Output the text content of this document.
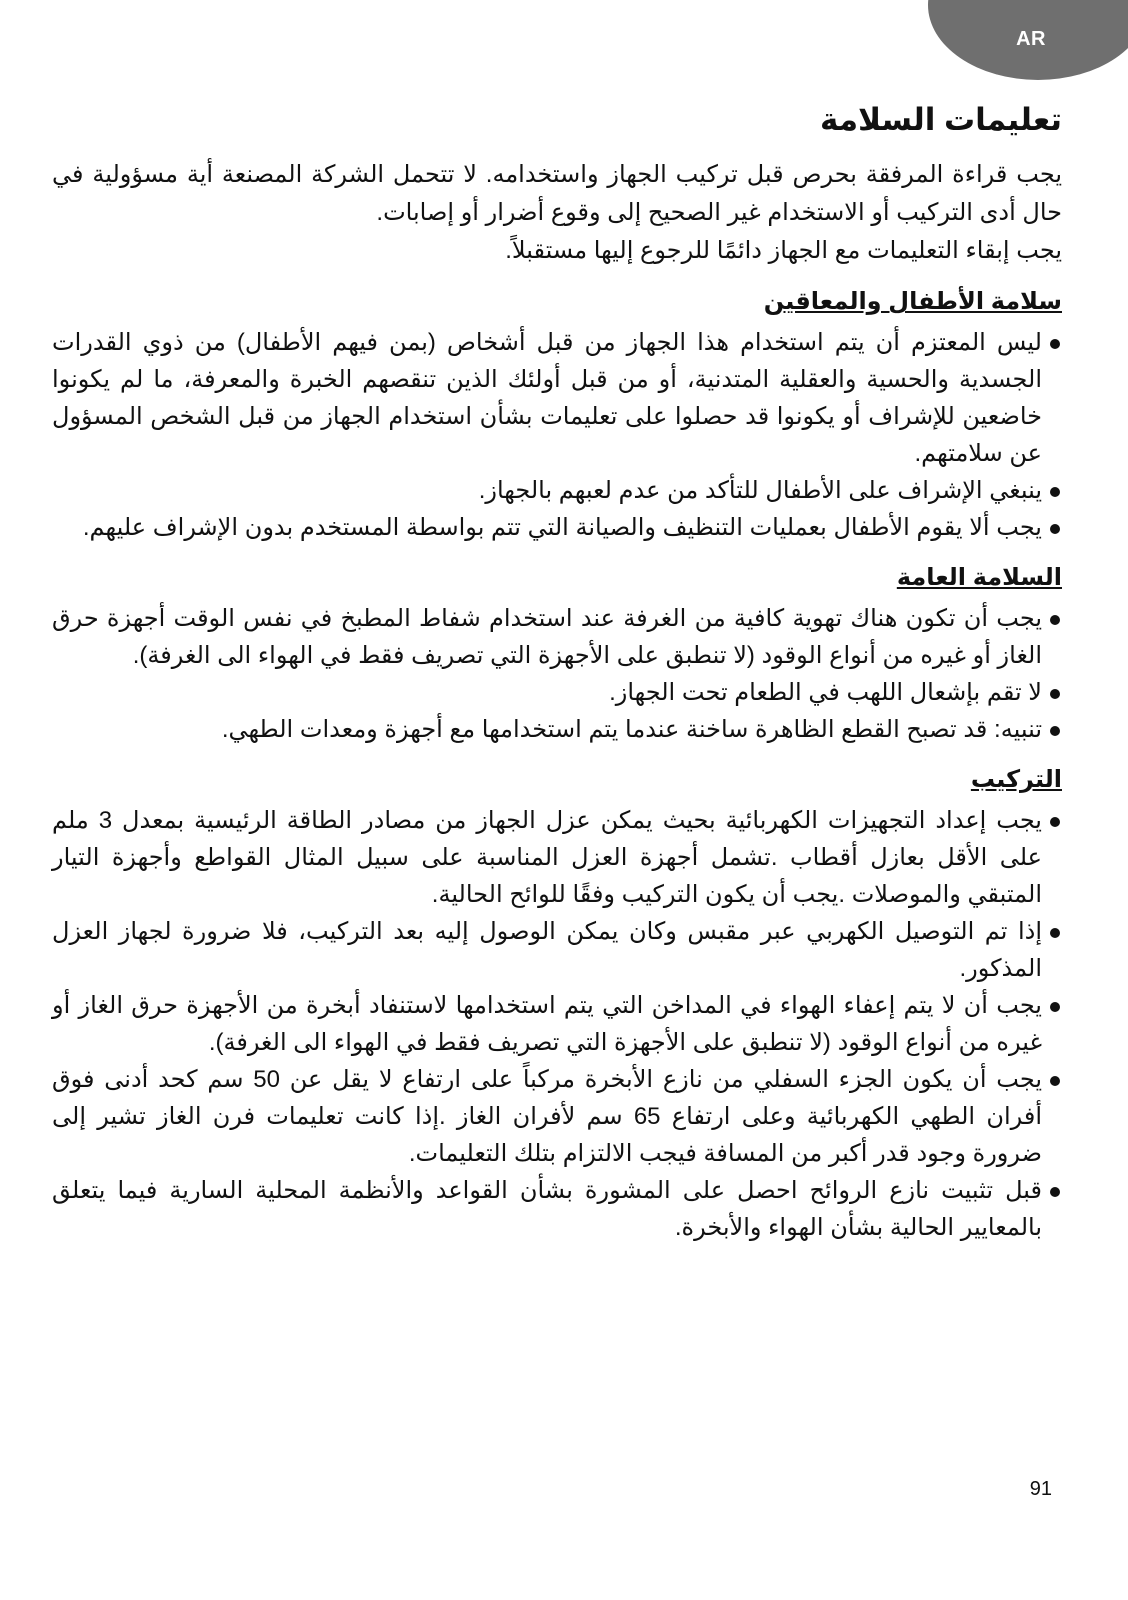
AR
تعليمات السلامة

يجب قراءة المرفقة بحرص قبل تركيب الجهاز واستخدامه. لا تتحمل الشركة المصنعة أية مسؤولية في حال أدى التركيب أو الاستخدام غير الصحيح إلى وقوع أضرار أو إصابات.

يجب إبقاء التعليمات مع الجهاز دائمًا للرجوع إليها مستقبلاً.

سلامة الأطفال والمعاقين
ليس المعتزم أن يتم استخدام هذا الجهاز من قبل أشخاص (بمن فيهم الأطفال) من ذوي القدرات الجسدية والحسية والعقلية المتدنية، أو من قبل أولئك الذين تنقصهم الخبرة والمعرفة، ما لم يكونوا خاضعين للإشراف أو يكونوا قد حصلوا على تعليمات بشأن استخدام الجهاز من قبل الشخص المسؤول عن سلامتهم.
ينبغي الإشراف على الأطفال للتأكد من عدم لعبهم بالجهاز.
يجب ألا يقوم الأطفال بعمليات التنظيف والصيانة التي تتم بواسطة المستخدم بدون الإشراف عليهم.
السلامة العامة
يجب أن تكون هناك تهوية كافية من الغرفة عند استخدام شفاط المطبخ في نفس الوقت أجهزة حرق الغاز أو غيره من أنواع الوقود (لا تنطبق على الأجهزة التي تصريف فقط في الهواء الى الغرفة).
لا تقم بإشعال اللهب في الطعام تحت الجهاز.
تنبيه: قد تصبح القطع الظاهرة ساخنة عندما يتم استخدامها مع أجهزة ومعدات الطهي.
التركيب
يجب إعداد التجهيزات الكهربائية بحيث يمكن عزل الجهاز من مصادر الطاقة الرئيسية بمعدل 3 ملم على الأقل بعازل أقطاب .تشمل أجهزة العزل المناسبة على سبيل المثال القواطع وأجهزة التيار المتبقي والموصلات .يجب أن يكون التركيب وفقًا للوائح الحالية.
إذا تم التوصيل الكهربي عبر مقبس وكان يمكن الوصول إليه بعد التركيب، فلا ضرورة لجهاز العزل المذكور.
يجب أن لا يتم إعفاء الهواء في المداخن التي يتم استخدامها لاستنفاد أبخرة من الأجهزة حرق الغاز أو غيره من أنواع الوقود (لا تنطبق على الأجهزة التي تصريف فقط في الهواء الى الغرفة).
يجب أن يكون الجزء السفلي من نازع الأبخرة مركباً على ارتفاع لا يقل عن 50 سم كحد أدنى فوق أفران الطهي الكهربائية وعلى ارتفاع 65 سم لأفران الغاز .إذا كانت تعليمات فرن الغاز تشير إلى ضرورة وجود قدر أكبر من المسافة فيجب الالتزام بتلك التعليمات.
قبل تثبيت نازع الروائح احصل على المشورة بشأن القواعد والأنظمة المحلية السارية فيما يتعلق بالمعايير الحالية بشأن الهواء والأبخرة.
91
